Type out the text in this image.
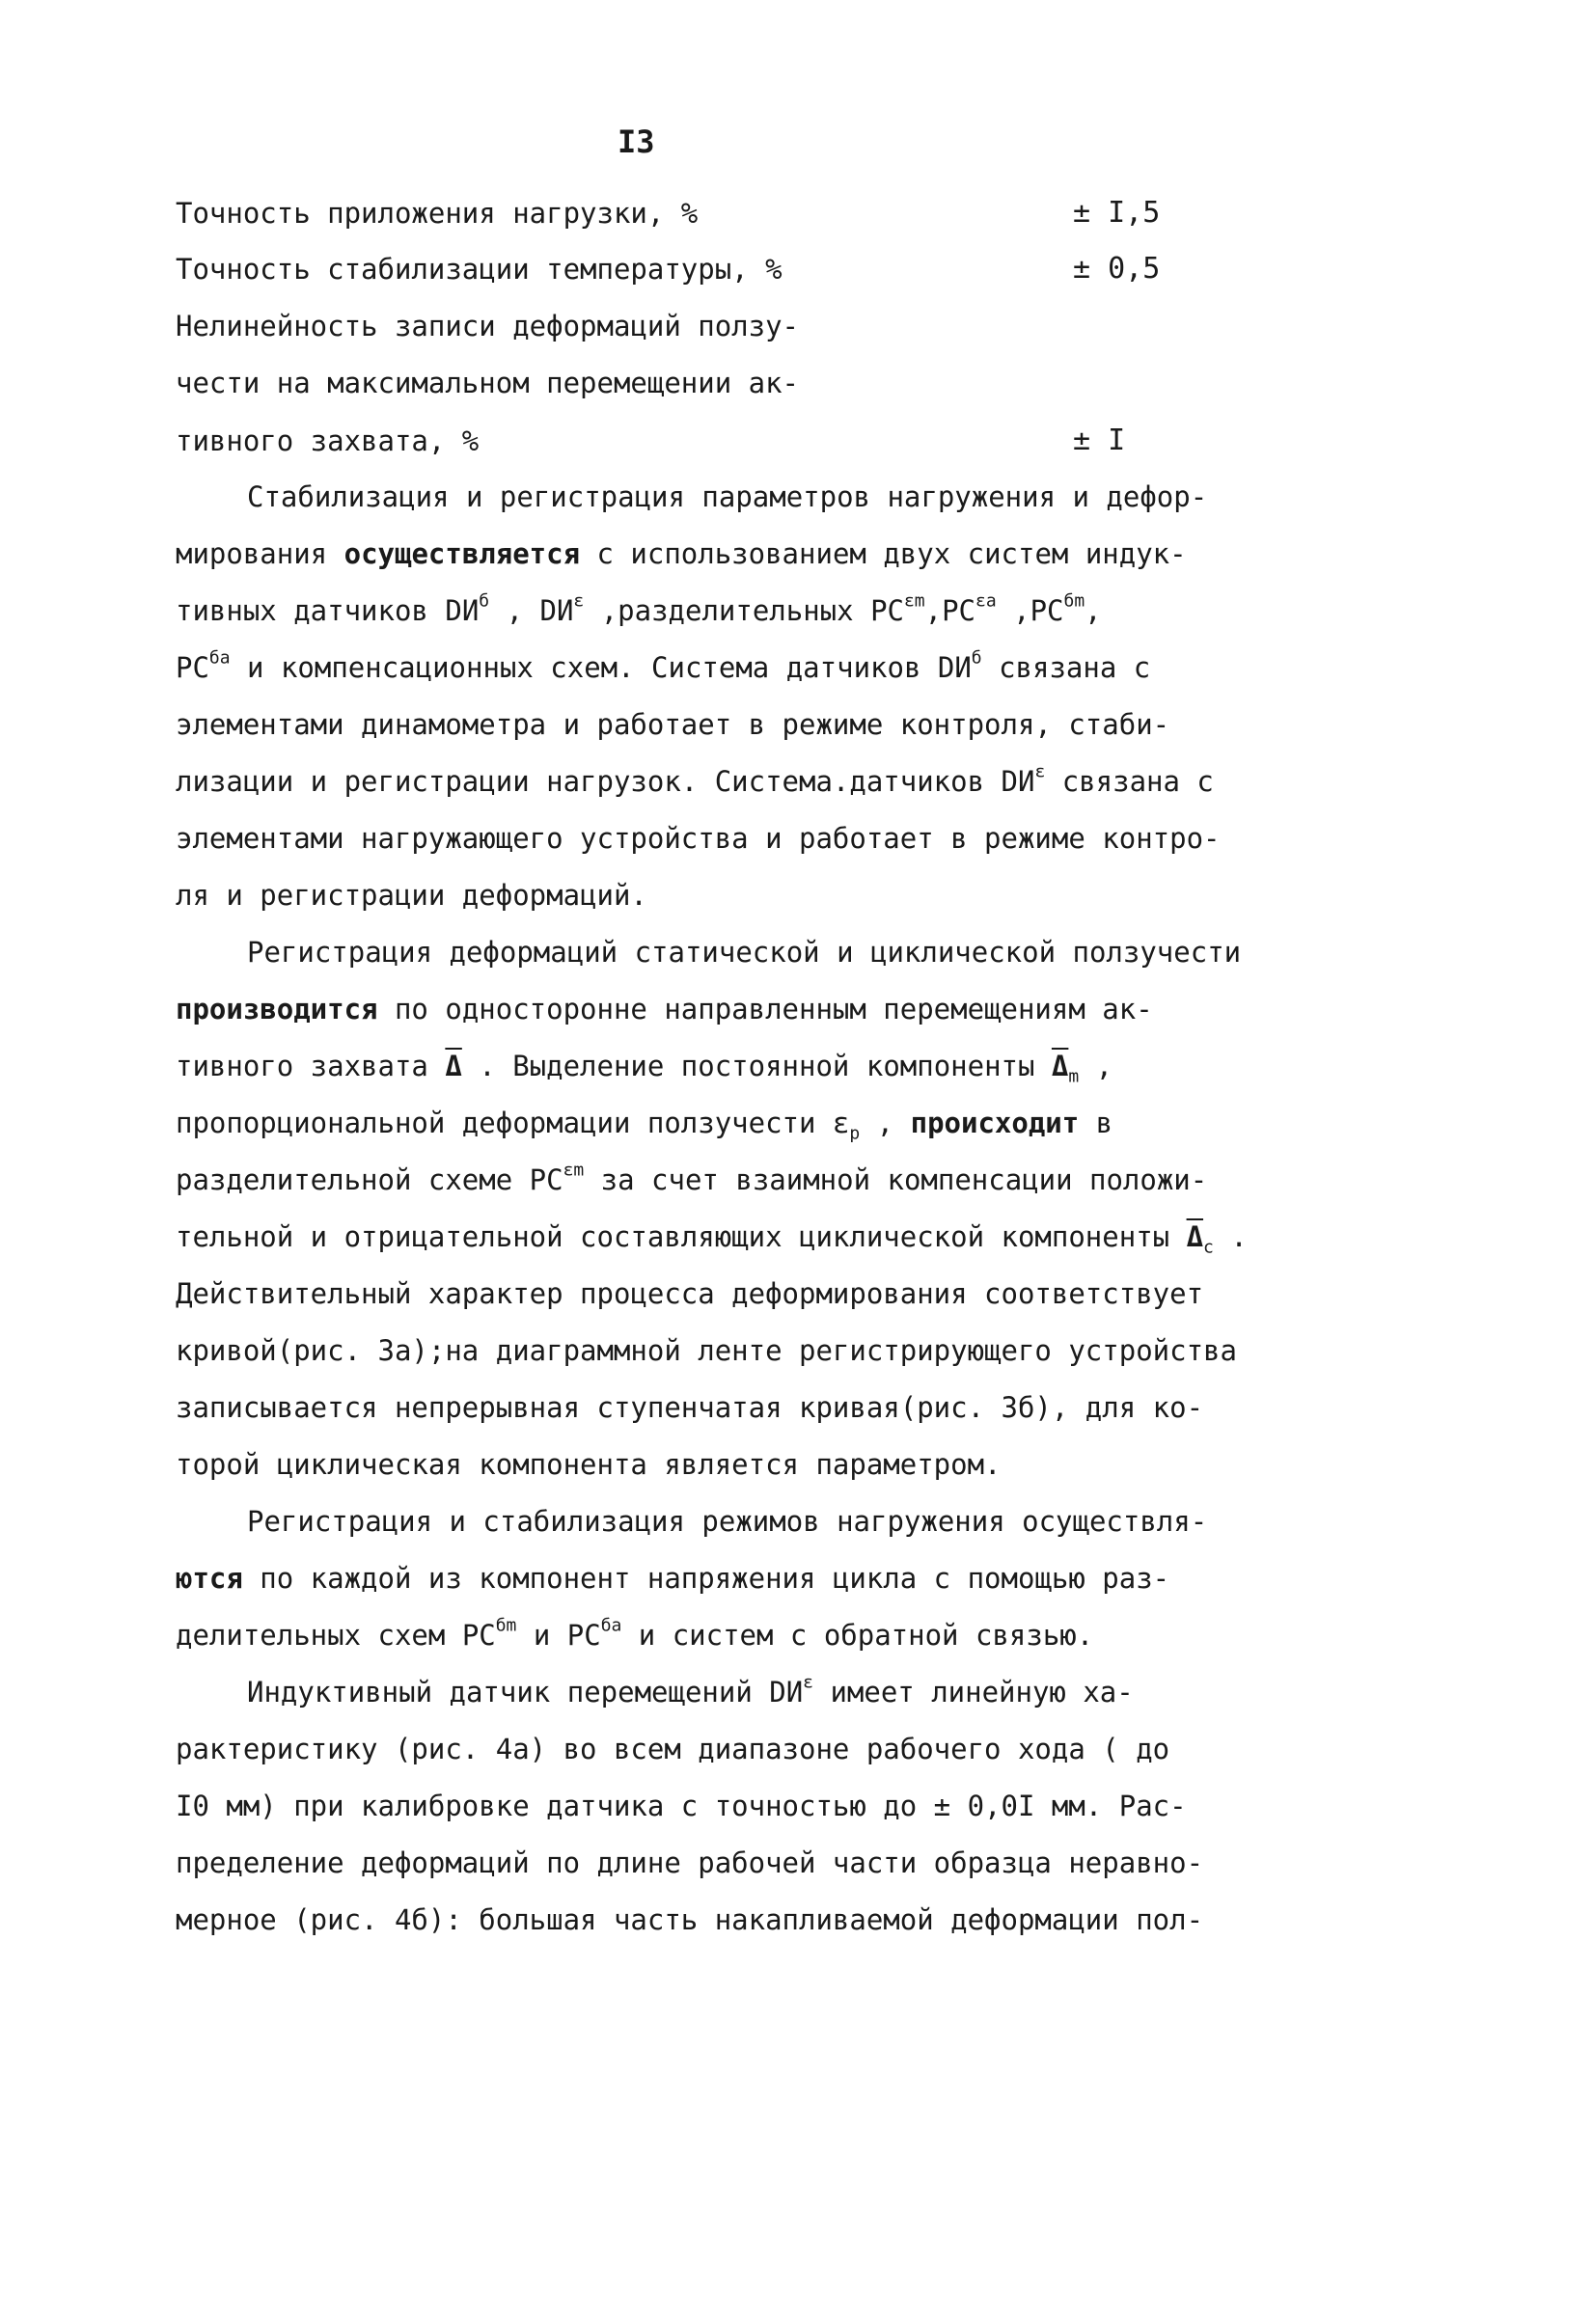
I3
Точность приложения нагрузки, %	± I,5
Точность стабилизации температуры, %	± 0,5
Нелинейность записи деформаций ползу-
чести на максимальном перемещении ак-
тивного захвата, %	± I
Стабилизация и регистрация параметров нагружения и дефор-
мирования осуществляется с использованием двух систем индук-
тивных датчиков $DИ^б$ , $DИ^\varepsilon$ ,разделительных $PC^{\varepsilon m},PC^{\varepsilon a}$ $,PC^{бm}$,
$PC^{бa}$ и компенсационных схем. Система датчиков $DИ^б$ связана с
элементами динамометра и работает в режиме контроля, стаби-
лизации и регистрации нагрузок. Система.датчиков $DИ^\varepsilon$ связана с
элементами нагружающего устройства и работает в режиме контро-
ля и регистрации деформаций.
Регистрация деформаций статической и циклической ползучести
производится по односторонне направленным перемещениям ак-
тивного захвата $\overline{\Delta}$ . Выделение постоянной компоненты $\overline{\Delta}_m$ ,
пропорциональной деформации ползучести $\varepsilon_p$ , происходит в
разделительной схеме $PC^{\varepsilon m}$ за счет взаимной компенсации положи-
тельной и отрицательной составляющих циклической компоненты $\overline{\Delta}_c$ .
Действительный характер процесса деформирования соответствует
кривой(рис. 3а);на диаграммной ленте регистрирующего устройства
записывается непрерывная ступенчатая кривая(рис. 3б), для ко-
торой циклическая компонента является параметром.
Регистрация и стабилизация режимов нагружения осуществля-
ются по каждой из компонент напряжения цикла с помощью раз-
делительных схем $PC^{бm}$ и $PC^{бa}$ и систем с обратной связью.
Индуктивный датчик перемещений $DИ^\varepsilon$ имеет линейную ха-
рактеристику (рис. 4а) во всем диапазоне рабочего хода ( до
I0 мм) при калибровке датчика с точностью до ± 0,0I мм. Рас-
пределение деформаций по длине рабочей части образца неравно-
мерное (рис. 4б): большая часть накапливаемой деформации пол-
